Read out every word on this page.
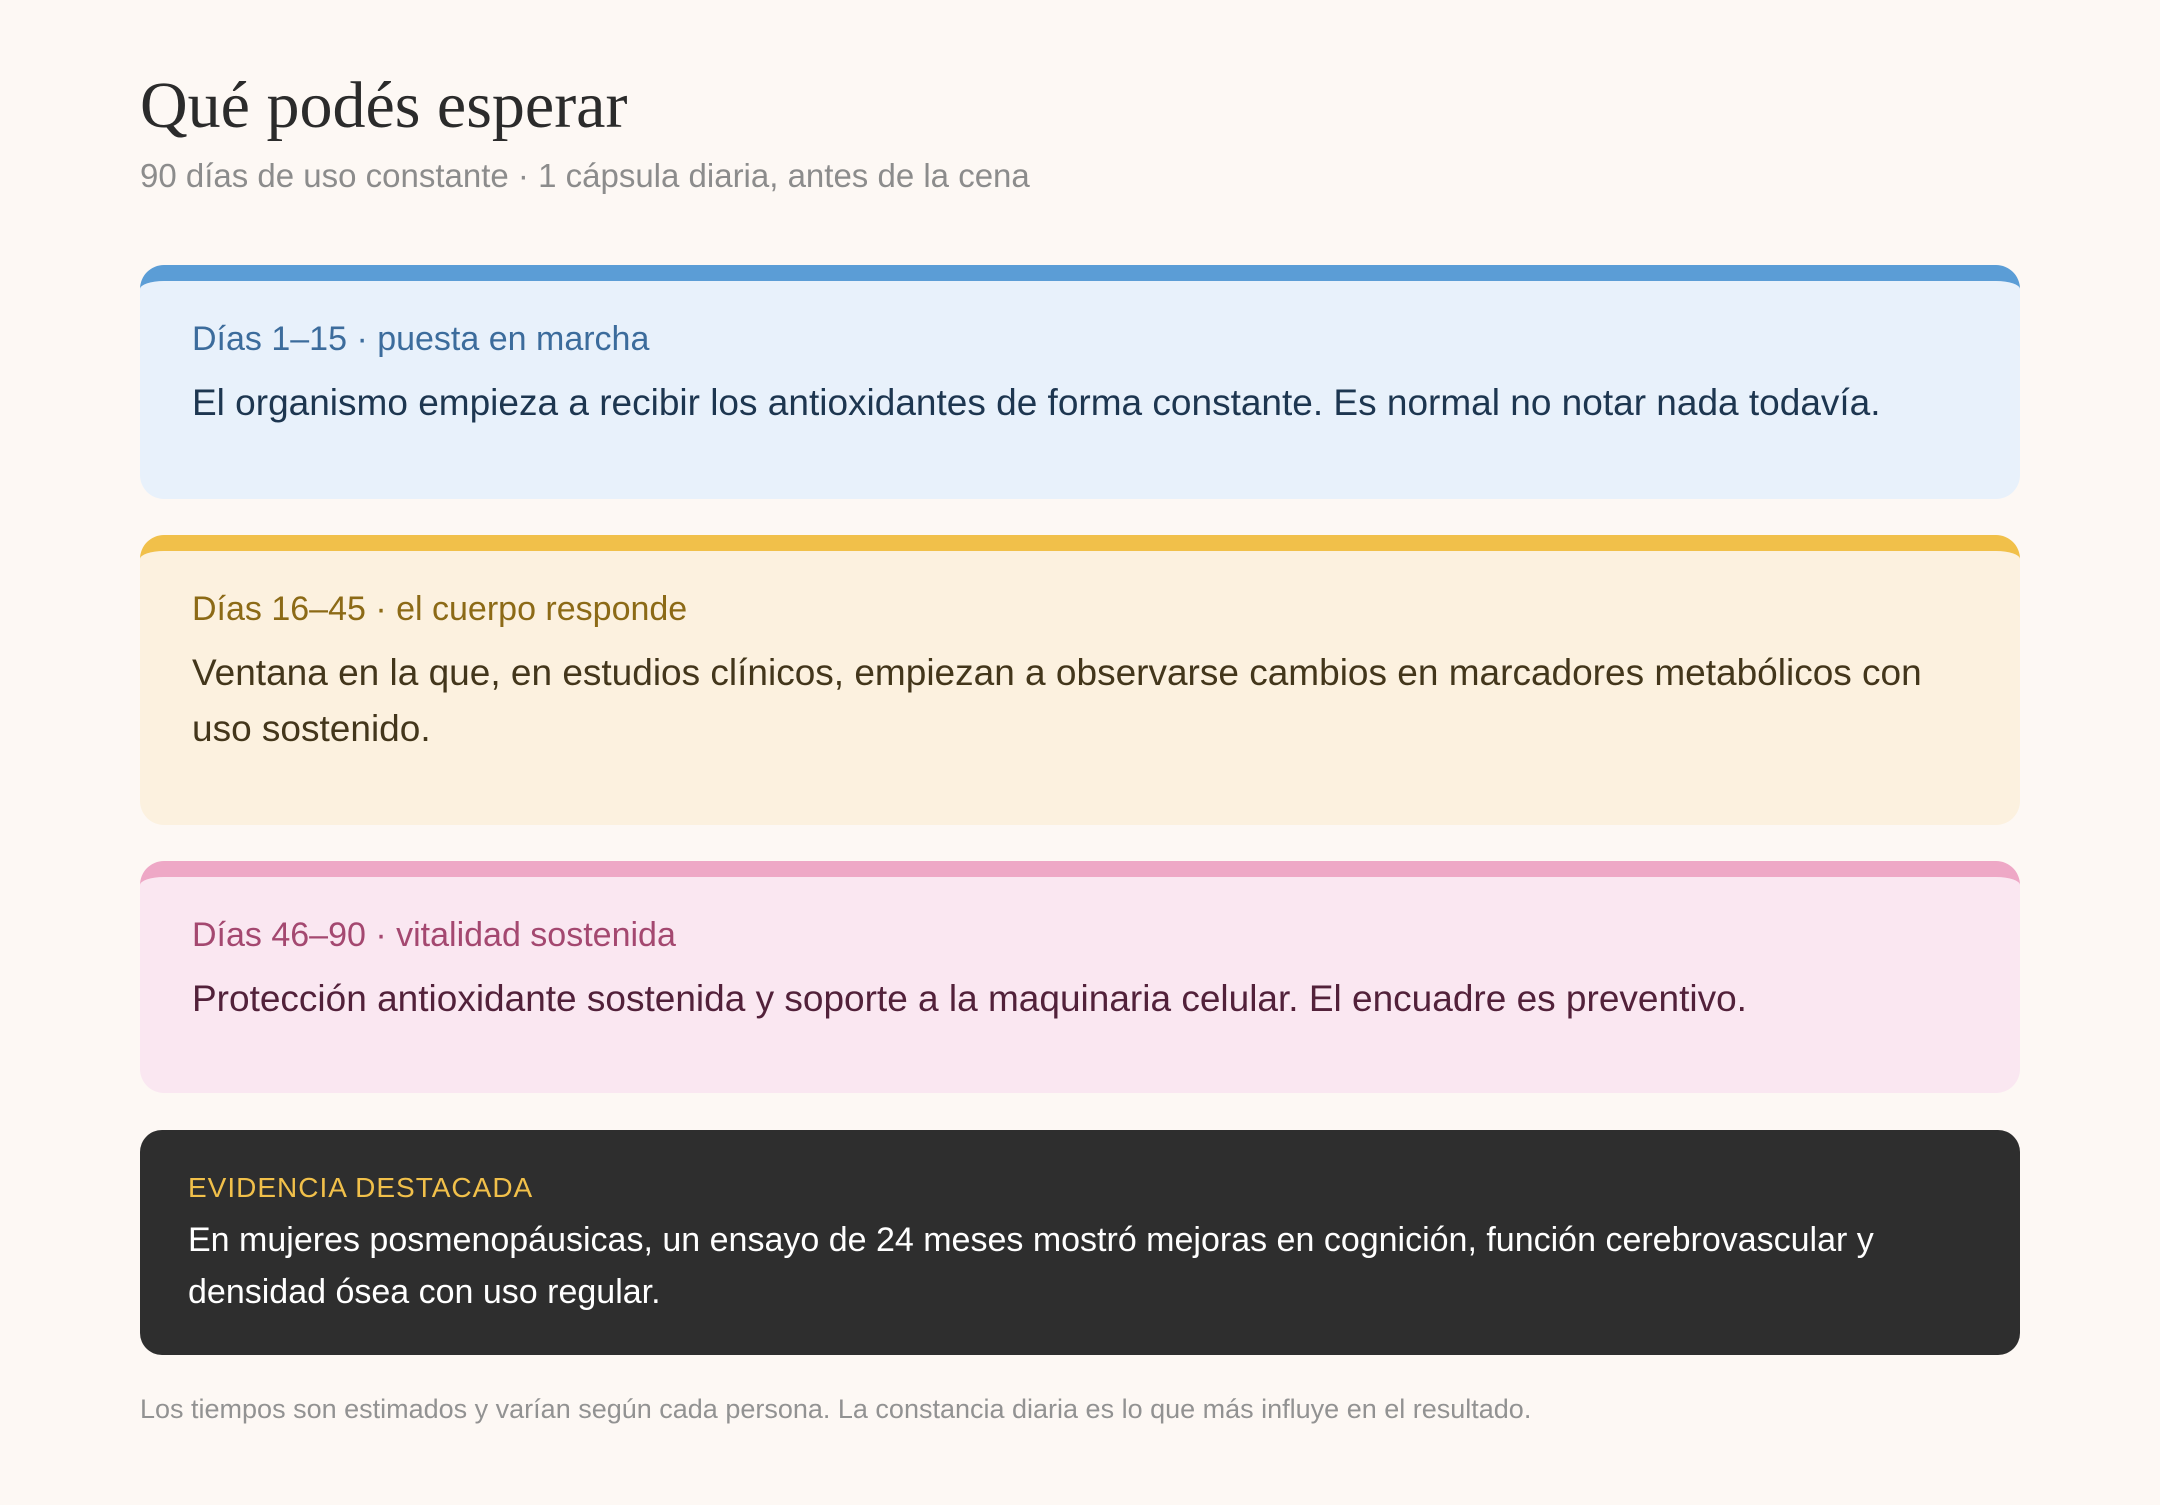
Qué podés esperar
90 días de uso constante · 1 cápsula diaria, antes de la cena
Días 1–15 · puesta en marcha
El organismo empieza a recibir los antioxidantes de forma constante. Es normal no notar nada todavía.
Días 16–45 · el cuerpo responde
Ventana en la que, en estudios clínicos, empiezan a observarse cambios en marcadores metabólicos con uso sostenido.
Días 46–90 · vitalidad sostenida
Protección antioxidante sostenida y soporte a la maquinaria celular. El encuadre es preventivo.
EVIDENCIA DESTACADA
En mujeres posmenopáusicas, un ensayo de 24 meses mostró mejoras en cognición, función cerebrovascular y densidad ósea con uso regular.
Los tiempos son estimados y varían según cada persona. La constancia diaria es lo que más influye en el resultado.
